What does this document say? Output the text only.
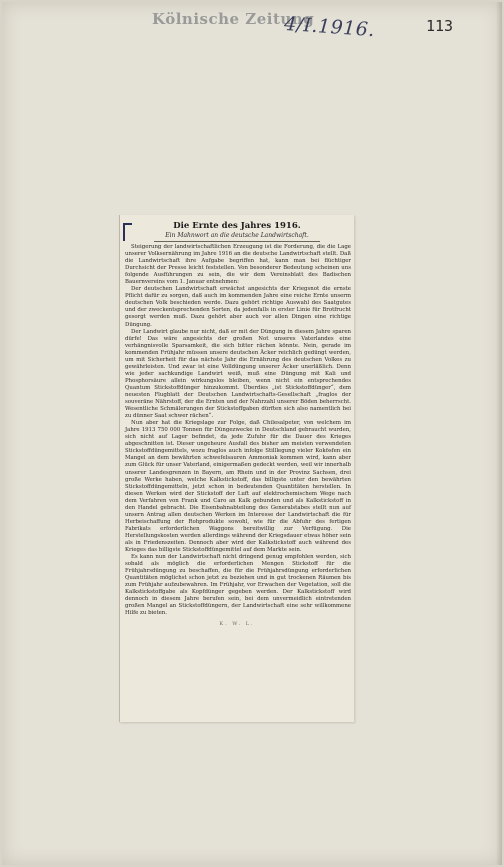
Kölnische Zeitung
4/I.1916.	113
Die Ernte des Jahres 1916.
Ein Mahnwort an die deutsche Landwirtschaft.

Steigerung der landwirtschaftlichen Erzeugung ist die Forderung, die die Lage unserer Volksernährung im Jahre 1916 an die deutsche Landwirtschaft stellt. Daß die Landwirtschaft ihre Aufgabe begriffen hat, kann man bei flüchtiger Durchsicht der Presse leicht feststellen. Von besonderer Bedeutung scheinen uns folgende Ausführungen zu sein, die wir dem Vereinsblatt des Badischen Bauernvereins vom 1. Januar entnehmen:

Der deutschen Landwirtschaft erwächst angesichts der Kriegsnot die ernste Pflicht dafür zu sorgen, daß auch im kommenden Jahre eine reiche Ernte unserm deutschen Volk beschieden werde. Dazu gehört richtige Auswahl des Saatgutes und der zweckentsprechenden Sorten, da jedenfalls in erster Linie für Brotfrucht gesorgt werden muß. Dazu gehört aber auch vor allen Dingen eine richtige Düngung.

Der Landwirt glaube nur nicht, daß er mit der Düngung in diesem Jahre sparen dürfe! Das wäre angesichts der großen Not unseres Vaterlandes eine verhängnisvolle Sparsamkeit, die sich bitter rächen könnte. Nein, gerade im kommenden Frühjahr müssen unsere deutschen Äcker reichlich gedüngt werden, um mit Sicherheit für das nächste Jahr die Ernährung des deutschen Volkes zu gewährleisten. Und zwar ist eine Volldüngung unserer Äcker unerläßlich. Denn wie jeder sachkundige Landwirt weiß, muß eine Düngung mit Kali und Phosphorsäure allein wirkungslos bleiben, wenn nicht ein entsprechendes Quantum Stickstoffdünger hinzukommt. Überdies „ist Stickstoffdünger“, dem neuesten Flugblatt der Deutschen Landwirtschafts-Gesellschaft „fraglos der souveräne Nährstoff, der die Ernten und der Nahrzahl unserer Böden beherrscht. Wesentliche Schmälerungen der Stickstoffgaben dürften sich also namentlich bei zu dünner Saat schwer rächen“.

Nun aber hat die Kriegslage zur Folge, daß Chilesalpeter, von welchem im Jahre 1913 750 000 Tonnen für Düngezwecke in Deutschland gebraucht wurden, sich nicht auf Lager befindet, da jede Zufuhr für die Dauer des Krieges abgeschnitten ist. Dieser ungeheure Ausfall des bisher am meisten verwendeten Stickstoffdüngemittels, wozu fraglos auch infolge Stilllegung vieler Kokösfen ein Mangel an dem bewährten schwefelsauren Ammoniak kommen wird, kann aber zum Glück für unser Vaterland, einigermaßen gedeckt werden, weil wir innerhalb unserer Landesgrenzen in Bayern, am Rhein und in der Provinz Sachsen, drei große Werke haben, welche Kalkstickstoff, das billigste unter den bewährten Stickstoffdüngemitteln, jetzt schon in bedeutenden Quantitäten herstellen. In diesen Werken wird der Stickstoff der Luft auf elektrochemischem Wege nach dem Verfahren von Frank und Caro an Kalk gebunden und als Kalkstickstoff in den Handel gebracht. Die Eisenbahnabteilung des Generalstabes stellt nun auf unsern Antrag allen deutschen Werken im Interesse der Landwirtschaft die für Herbeischaffung der Rohprodukte sowohl, wie für die Abfuhr des fertigen Fabrikats erforderlichen Waggons bereitwillig zur Verfügung. Die Herstellungskosten werden allerdings während der Kriegsdauer etwas höher sein als in Friedenszeiten. Dennoch aber wird der Kalkstickstoff auch während des Krieges das billigste Stickstoffdüngemittel auf dem Markte sein.

Es kann nun der Landwirtschaft nicht dringend genug empfohlen werden, sich sobald als möglich die erforderlichen Mengen Stickstoff für die Frühjahrsdüngung zu beschaffen, die für die Frühjahrsdüngung erforderlichen Quantitäten möglichst schon jetzt zu beziehen und in gut trockenen Räumen bis zum Frühjahr aufzubewahren. Im Frühjahr, vor Erwachen der Vegetation, soll die Kalkstickstoffgabe als Kopfdünger gegeben werden. Der Kalkstickstoff wird dennoch in diesem Jahre berufen sein, bei dem unvermeidlich eintretenden großen Mangel an Stickstoffdüngern, der Landwirtschaft eine sehr willkommene Hilfe zu bieten.

K. W. L.
